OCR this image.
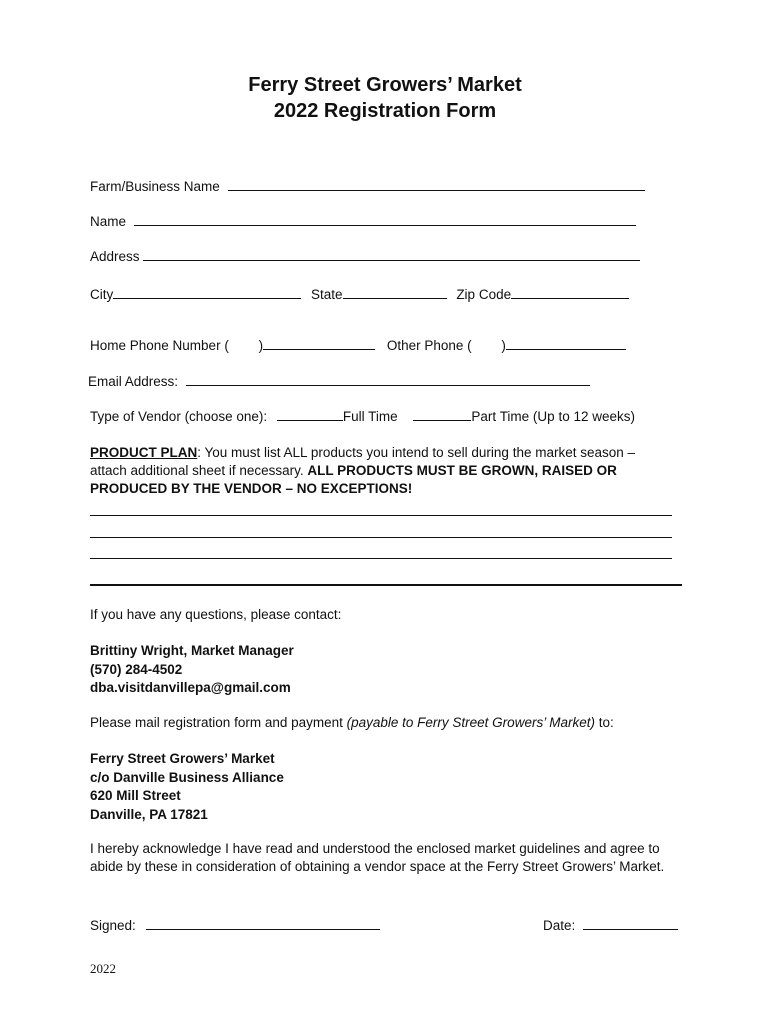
Ferry Street Growers’ Market
2022 Registration Form
Farm/Business Name
Name
Address
City	State	Zip Code
Home Phone Number ( )	Other Phone ( )
Email Address:
Type of Vendor (choose one):	Full Time	Part Time (Up to 12 weeks)
PRODUCT PLAN: You must list ALL products you intend to sell during the market season – attach additional sheet if necessary. ALL PRODUCTS MUST BE GROWN, RAISED OR PRODUCED BY THE VENDOR – NO EXCEPTIONS!
If you have any questions, please contact:
Brittiny Wright, Market Manager
(570) 284-4502
dba.visitdanvillepa@gmail.com
Please mail registration form and payment (payable to Ferry Street Growers’ Market) to:
Ferry Street Growers’ Market
c/o Danville Business Alliance
620 Mill Street
Danville, PA 17821
I hereby acknowledge I have read and understood the enclosed market guidelines and agree to abide by these in consideration of obtaining a vendor space at the Ferry Street Growers’ Market.
Signed:	Date:
2022
